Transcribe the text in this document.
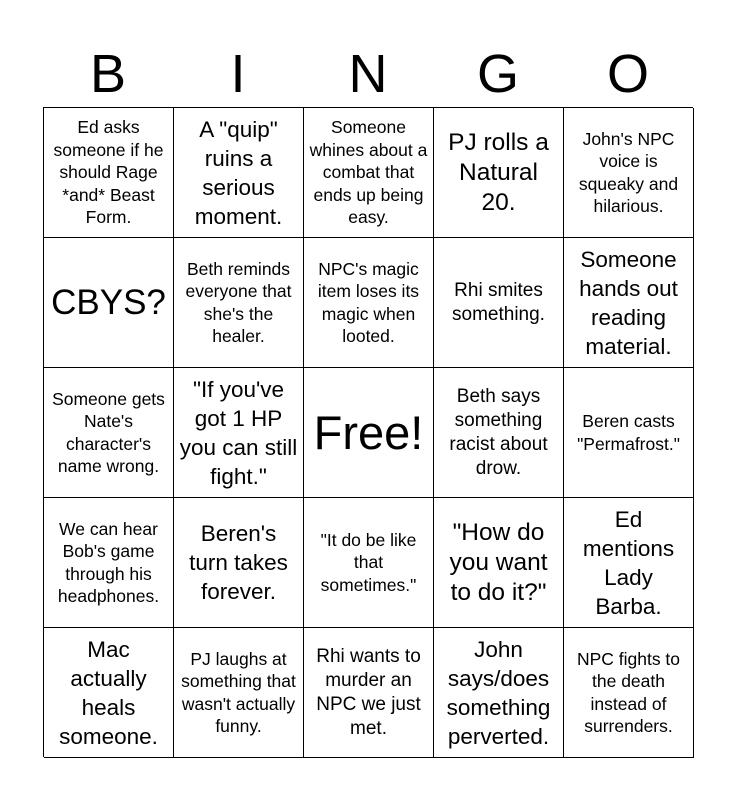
B	I	N	G	O
Ed asks someone if he should Rage *and* Beast Form.
A "quip" ruins a serious moment.
Someone whines about a combat that ends up being easy.
PJ rolls a Natural 20.
John's NPC voice is squeaky and hilarious.
CBYS?
Beth reminds everyone that she's the healer.
NPC's magic item loses its magic when looted.
Rhi smites something.
Someone hands out reading material.
Someone gets Nate's character's name wrong.
"If you've got 1 HP you can still fight."
Free!
Beth says something racist about drow.
Beren casts "Permafrost."
We can hear Bob's game through his headphones.
Beren's turn takes forever.
"It do be like that sometimes."
"How do you want to do it?"
Ed mentions Lady Barba.
Mac actually heals someone.
PJ laughs at something that wasn't actually funny.
Rhi wants to murder an NPC we just met.
John says/does something perverted.
NPC fights to the death instead of surrenders.
